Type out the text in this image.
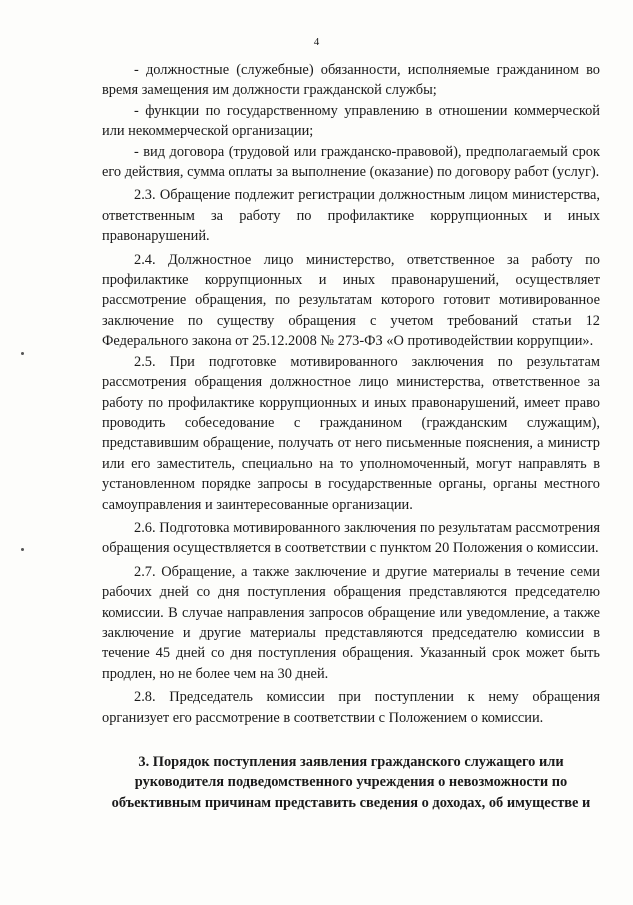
4

- должностные (служебные) обязанности, исполняемые гражданином во время замещения им должности гражданской службы;

- функции по государственному управлению в отношении коммерческой или некоммерческой организации;

- вид договора (трудовой или гражданско-правовой), предполагаемый срок его действия, сумма оплаты за выполнение (оказание) по договору работ (услуг).

2.3. Обращение подлежит регистрации должностным лицом министерства, ответственным за работу по профилактике коррупционных и иных правонарушений.

2.4. Должностное лицо министерство, ответственное за работу по профилактике коррупционных и иных правонарушений, осуществляет рассмотрение обращения, по результатам которого готовит мотивированное заключение по существу обращения с учетом требований статьи 12 Федерального закона от 25.12.2008 № 273-ФЗ «О противодействии коррупции».

2.5. При подготовке мотивированного заключения по результатам рассмотрения обращения должностное лицо министерства, ответственное за работу по профилактике коррупционных и иных правонарушений, имеет право проводить собеседование с гражданином (гражданским служащим), представившим обращение, получать от него письменные пояснения, а министр или его заместитель, специально на то уполномоченный, могут направлять в установленном порядке запросы в государственные органы, органы местного самоуправления и заинтересованные организации.

2.6. Подготовка мотивированного заключения по результатам рассмотрения обращения осуществляется в соответствии с пунктом 20 Положения о комиссии.

2.7. Обращение, а также заключение и другие материалы в течение семи рабочих дней со дня поступления обращения представляются председателю комиссии. В случае направления запросов обращение или уведомление, а также заключение и другие материалы представляются председателю комиссии в течение 45 дней со дня поступления обращения. Указанный срок может быть продлен, но не более чем на 30 дней.

2.8. Председатель комиссии при поступлении к нему обращения организует его рассмотрение в соответствии с Положением о комиссии.

3. Порядок поступления заявления гражданского служащего или руководителя подведомственного учреждения о невозможности по объективным причинам представить сведения о доходах, об имуществе и
